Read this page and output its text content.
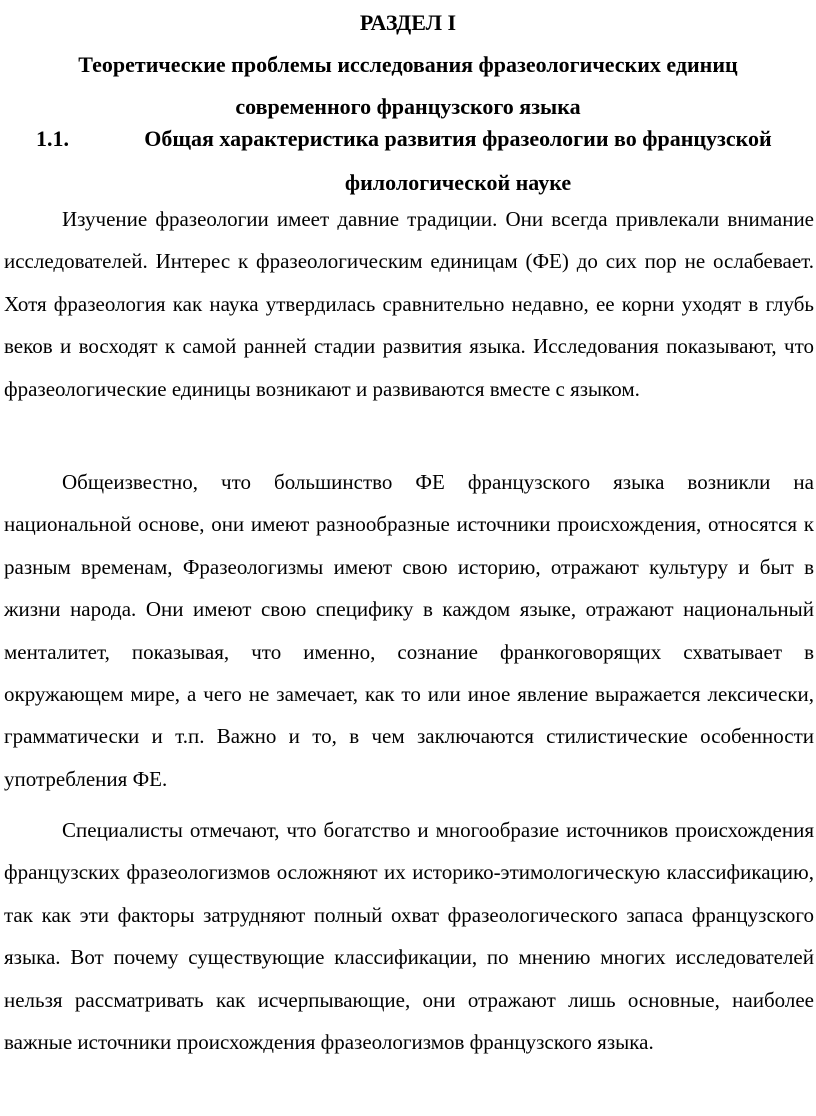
РАЗДЕЛ I
Теоретические проблемы исследования фразеологических единиц
современного французского языка
1.1.	Общая характеристика развития фразеологии во французской
филологической науке

Изучение фразеологии имеет давние традиции. Они всегда привлекали внимание исследователей. Интерес к фразеологическим единицам (ФЕ) до сих пор не ослабевает. Хотя фразеология как наука утвердилась сравнительно недавно, ее корни уходят в глубь веков и восходят к самой ранней стадии развития языка. Исследования показывают, что фразеологические единицы возникают и развиваются вместе с языком.

Общеизвестно, что большинство ФЕ французского языка возникли на национальной основе, они имеют разнообразные источники происхождения, относятся к разным временам, Фразеологизмы имеют свою историю, отражают культуру и быт в жизни народа. Они имеют свою специфику в каждом языке, отражают национальный менталитет, показывая, что именно, сознание франкоговорящих схватывает в окружающем мире, а чего не замечает, как то или иное явление выражается лексически, грамматически и т.п. Важно и то, в чем заключаются стилистические особенности употребления ФЕ.

Специалисты отмечают, что богатство и многообразие источников происхождения французских фразеологизмов осложняют их историко-этимологическую классификацию, так как эти факторы затрудняют полный охват фразеологического запаса французского языка. Вот почему существующие классификации, по мнению многих исследователей нельзя рассматривать как исчерпывающие, они отражают лишь основные, наиболее важные источники происхождения фразеологизмов французского языка.
